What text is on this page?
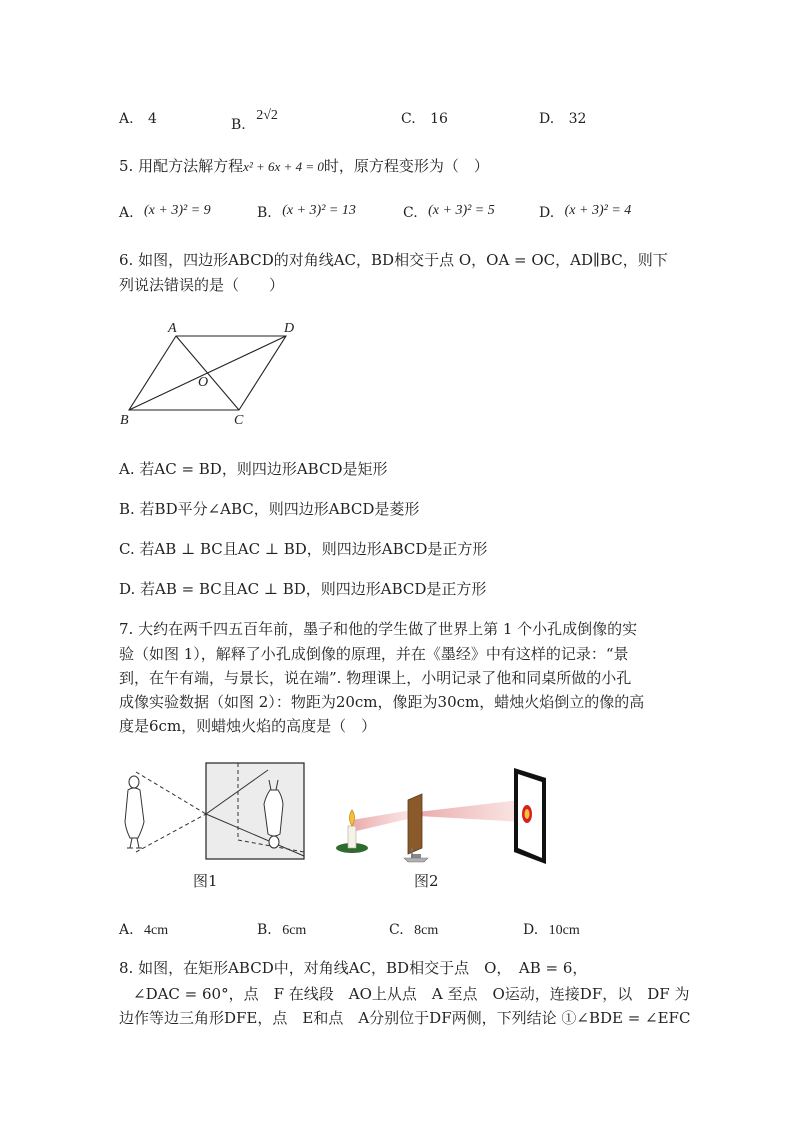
A. 4	B. 2√2	C. 16	D. 32
5. 用配方法解方程x² + 6x + 4 = 0时，原方程变形为（　）
A. (x + 3)² = 9	B. (x + 3)² = 13	C. (x + 3)² = 5	D. (x + 3)² = 4
6. 如图，四边形ABCD的对角线AC，BD相交于点 O，OA = OC，AD∥BC，则下
列说法错误的是（　　）
A	D
O
B	C
A. 若AC = BD，则四边形ABCD是矩形
B. 若BD平分∠ABC，则四边形ABCD是菱形
C. 若AB ⊥ BC且AC ⊥ BD，则四边形ABCD是正方形
D. 若AB = BC且AC ⊥ BD，则四边形ABCD是正方形
7. 大约在两千四五百年前，墨子和他的学生做了世界上第 1 个小孔成倒像的实
验（如图 1），解释了小孔成倒像的原理，并在《墨经》中有这样的记录：“景
到，在午有端，与景长，说在端”. 物理课上，小明记录了他和同桌所做的小孔
成像实验数据（如图 2）：物距为20cm，像距为30cm，蜡烛火焰倒立的像的高
度是6cm，则蜡烛火焰的高度是（　）
图1	图2
A. 4cm	B. 6cm	C. 8cm	D. 10cm
8. 如图，在矩形ABCD中，对角线AC，BD相交于点　O，　AB = 6，
∠DAC = 60°，点　F 在线段　AO上从点　A 至点　O运动，连接DF，以　DF 为
边作等边三角形DFE，点　E和点　A分别位于DF两侧，下列结论 ①∠BDE = ∠EFC
